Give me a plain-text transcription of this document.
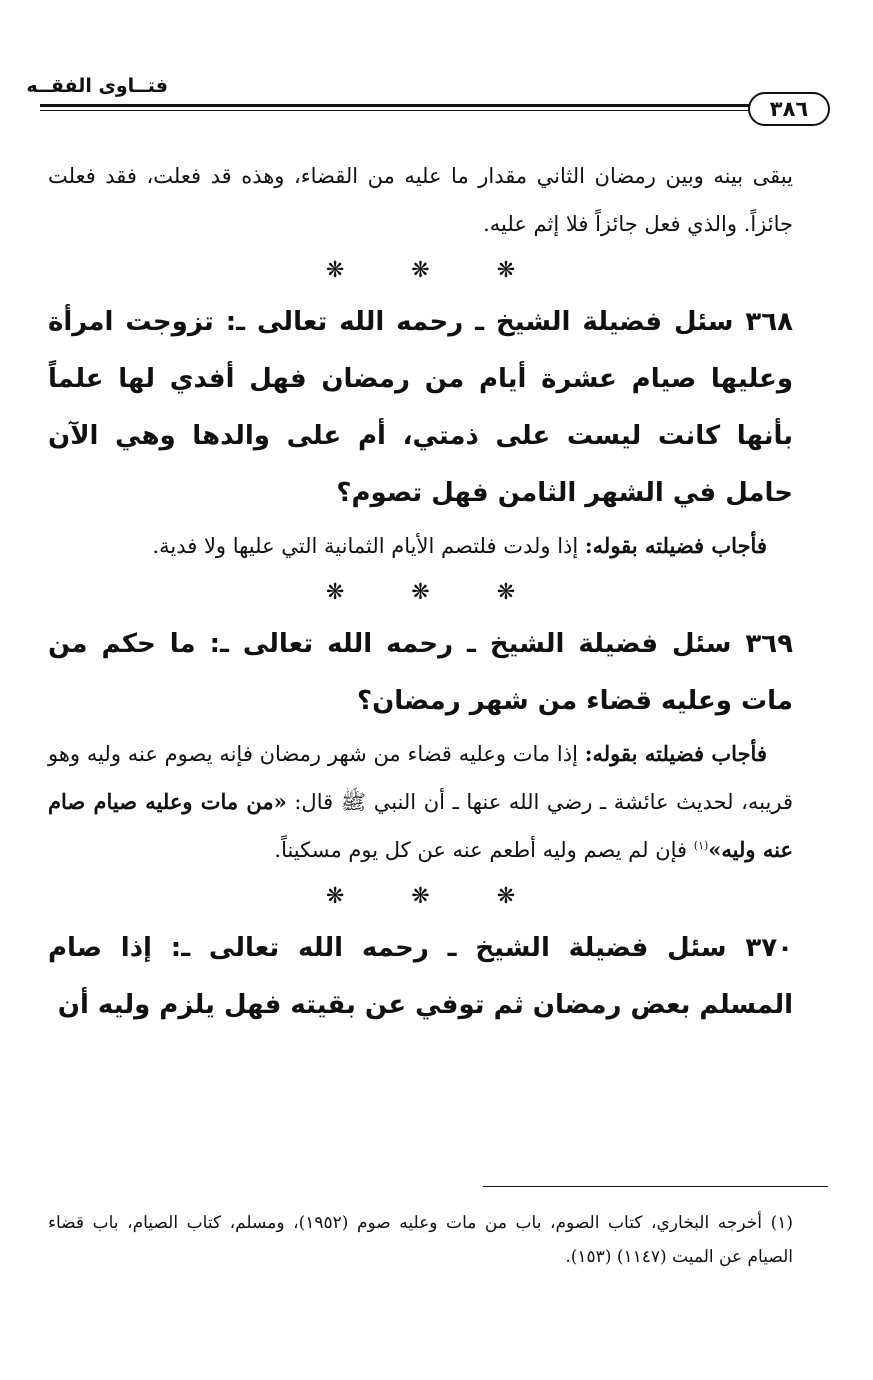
فتــاوى الفقــه
٣٨٦

يبقى بينه وبين رمضان الثاني مقدار ما عليه من القضاء، وهذه قد فعلت، فقد فعلت جائزاً. والذي فعل جائزاً فلا إثم عليه.

❋ ❋ ❋

٣٦٨ سئل فضيلة الشيخ ـ رحمه الله تعالى ـ: تزوجت امرأة وعليها صيام عشرة أيام من رمضان فهل أفدي لها علماً بأنها كانت ليست على ذمتي، أم على والدها وهي الآن حامل في الشهر الثامن فهل تصوم؟

فأجاب فضيلته بقوله: إذا ولدت فلتصم الأيام الثمانية التي عليها ولا فدية.

❋ ❋ ❋

٣٦٩ سئل فضيلة الشيخ ـ رحمه الله تعالى ـ: ما حكم من مات وعليه قضاء من شهر رمضان؟

فأجاب فضيلته بقوله: إذا مات وعليه قضاء من شهر رمضان فإنه يصوم عنه وليه وهو قريبه، لحديث عائشة ـ رضي الله عنها ـ أن النبي ﷺ قال: «من مات وعليه صيام صام عنه وليه»$^{(١)}$ فإن لم يصم وليه أطعم عنه عن كل يوم مسكيناً.

❋ ❋ ❋

٣٧٠ سئل فضيلة الشيخ ـ رحمه الله تعالى ـ: إذا صام المسلم بعض رمضان ثم توفي عن بقيته فهل يلزم وليه أن

(١) أخرجه البخاري، كتاب الصوم، باب من مات وعليه صوم (١٩٥٢)، ومسلم، كتاب الصيام، باب قضاء الصيام عن الميت (١١٤٧) (١٥٣).
